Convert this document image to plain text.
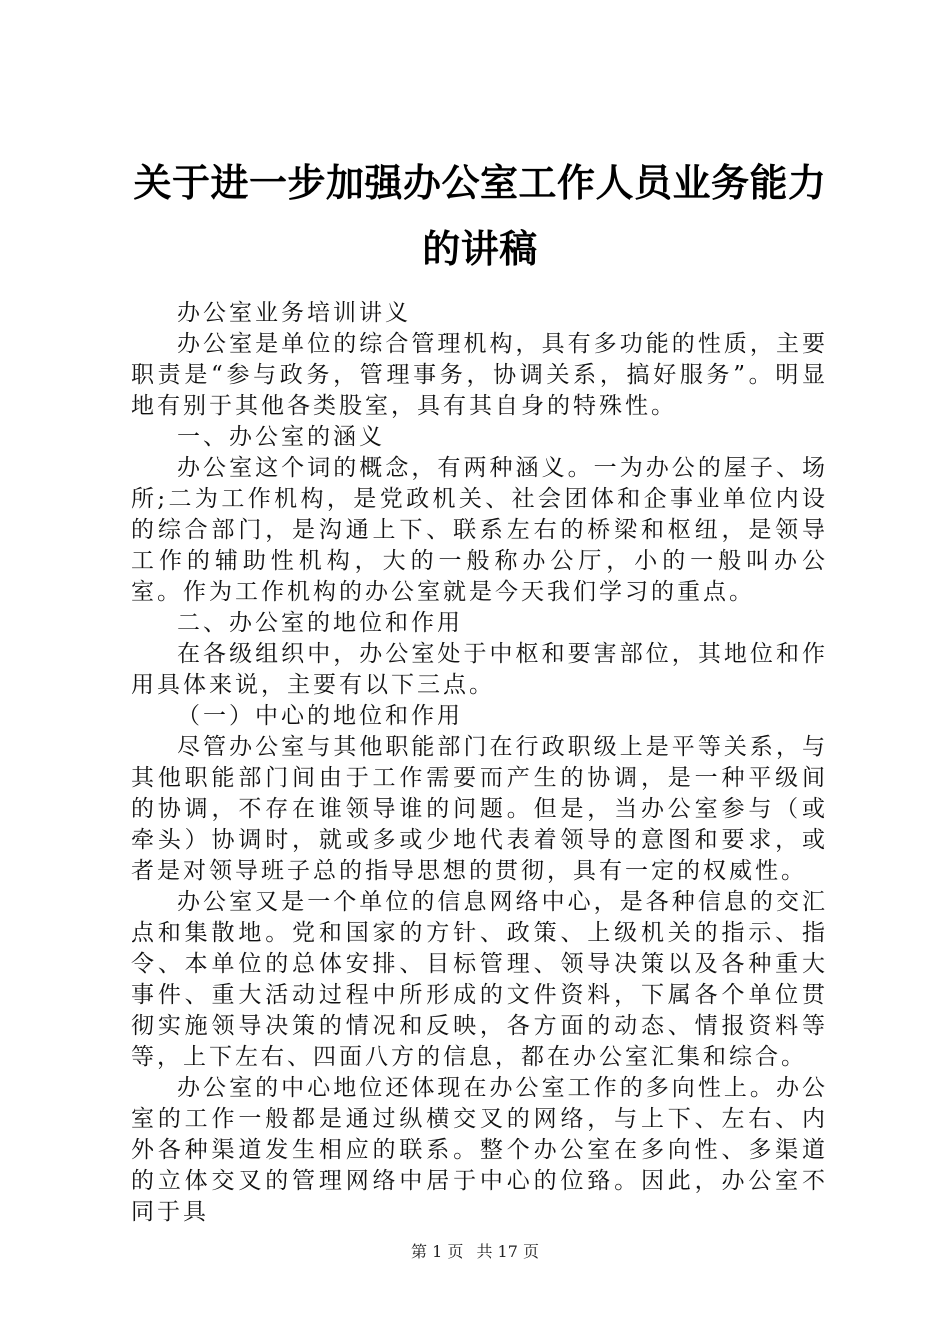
关于进一步加强办公室工作人员业务能力的讲稿

办公室业务培训讲义

办公室是单位的综合管理机构，具有多功能的性质，主要职责是“参与政务，管理事务，协调关系，搞好服务”。明显地有别于其他各类股室，具有其自身的特殊性。

一、办公室的涵义

办公室这个词的概念，有两种涵义。一为办公的屋子、场所;二为工作机构，是党政机关、社会团体和企事业单位内设的综合部门，是沟通上下、联系左右的桥梁和枢纽，是领导工作的辅助性机构，大的一般称办公厅，小的一般叫办公室。作为工作机构的办公室就是今天我们学习的重点。

二、办公室的地位和作用

在各级组织中，办公室处于中枢和要害部位，其地位和作用具体来说，主要有以下三点。

（一）中心的地位和作用

尽管办公室与其他职能部门在行政职级上是平等关系，与其他职能部门间由于工作需要而产生的协调，是一种平级间的协调，不存在谁领导谁的问题。但是，当办公室参与（或牵头）协调时，就或多或少地代表着领导的意图和要求，或者是对领导班子总的指导思想的贯彻，具有一定的权威性。

办公室又是一个单位的信息网络中心，是各种信息的交汇点和集散地。党和国家的方针、政策、上级机关的指示、指令、本单位的总体安排、目标管理、领导决策以及各种重大事件、重大活动过程中所形成的文件资料，下属各个单位贯彻实施领导决策的情况和反映，各方面的动态、情报资料等等，上下左右、四面八方的信息，都在办公室汇集和综合。

办公室的中心地位还体现在办公室工作的多向性上。办公室的工作一般都是通过纵横交叉的网络，与上下、左右、内外各种渠道发生相应的联系。整个办公室在多向性、多渠道的立体交叉的管理网络中居于中心的位臵。因此，办公室不同于具

第 1 页 共 17 页
